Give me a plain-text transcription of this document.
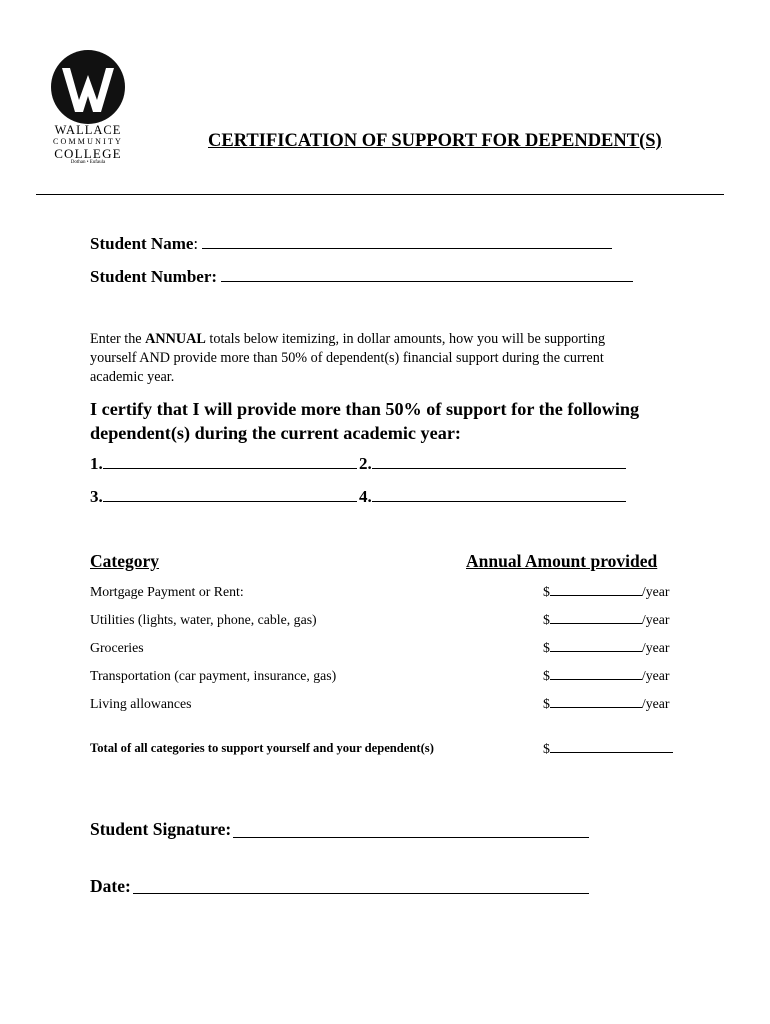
WALLACE
COMMUNITY
COLLEGE
Dothan • Eufaula
CERTIFICATION OF SUPPORT FOR DEPENDENT(S)
Student Name:
Student Number:
Enter the ANNUAL totals below itemizing, in dollar amounts, how you will be supporting yourself AND provide more than 50% of dependent(s) financial support during the current academic year.
I certify that I will provide more than 50% of support for the following dependent(s) during the current academic year:
1.	2.
3.	4.
Category	Annual Amount provided
Mortgage Payment or Rent:	$	/year
Utilities (lights, water, phone, cable, gas)	$	/year
Groceries	$	/year
Transportation (car payment, insurance, gas)	$	/year
Living allowances	$	/year
Total of all categories to support yourself and your dependent(s)	$
Student Signature:
Date:
